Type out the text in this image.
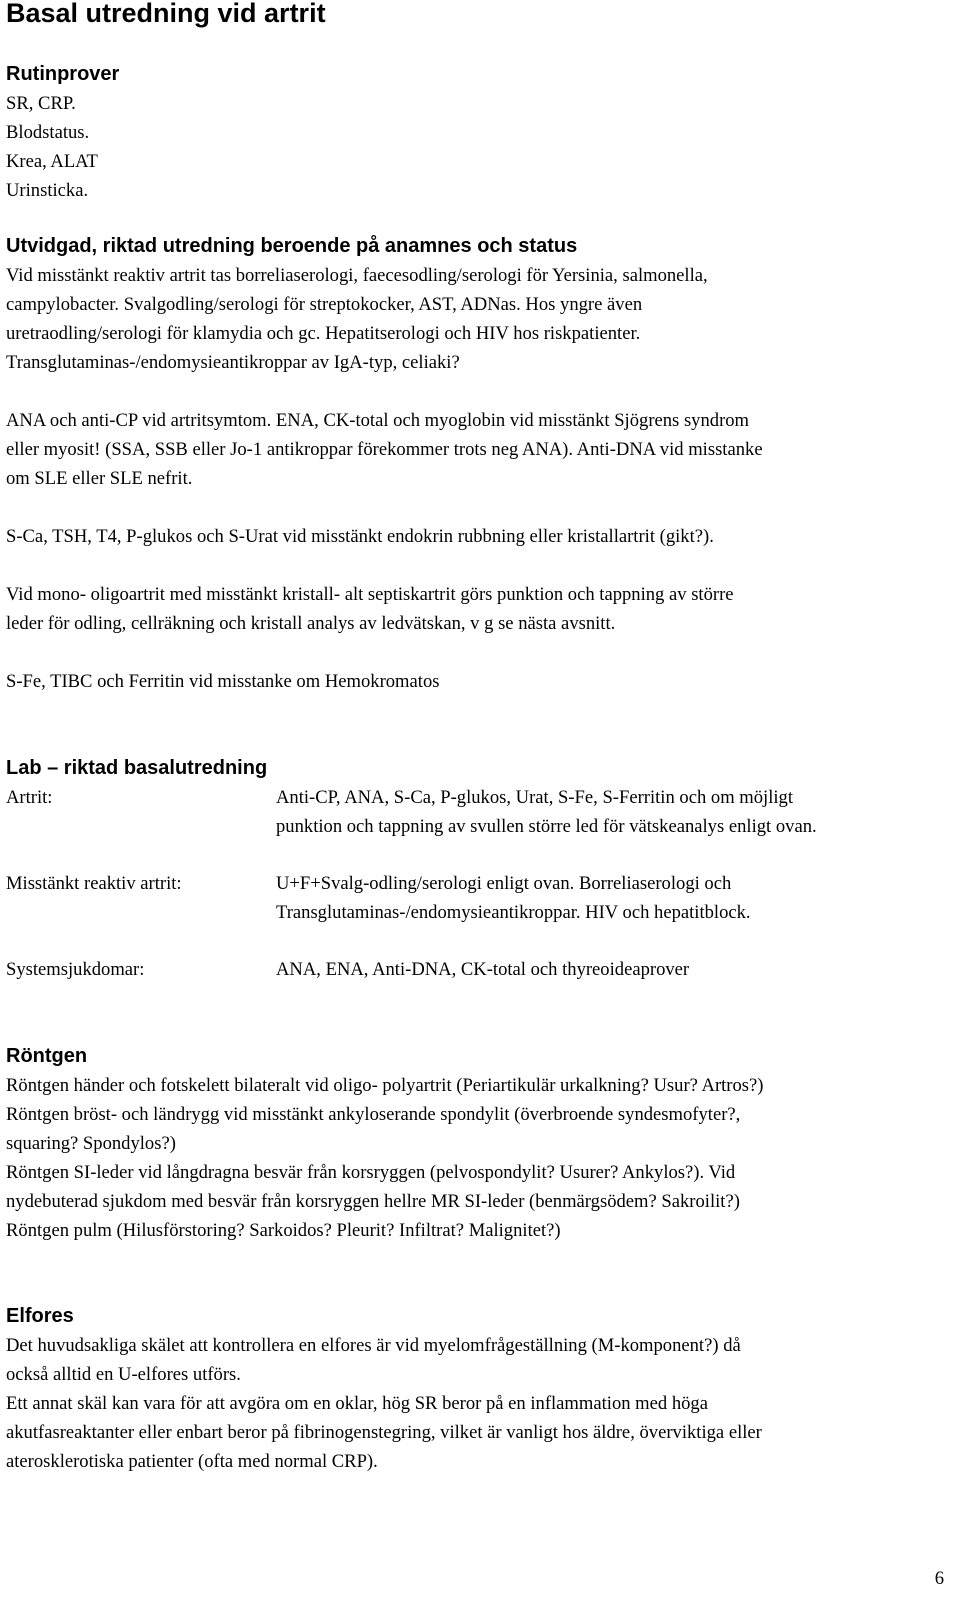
Basal utredning vid artrit
Rutinprover
SR, CRP.
Blodstatus.
Krea, ALAT
Urinsticka.
Utvidgad, riktad utredning beroende på anamnes och status
Vid misstänkt reaktiv artrit tas borreliaserologi, faecesodling/serologi för Yersinia, salmonella,
campylobacter. Svalgodling/serologi för streptokocker, AST, ADNas. Hos yngre även
uretraodling/serologi för klamydia och gc. Hepatitserologi och HIV hos riskpatienter.
Transglutaminas-/endomysieantikroppar av IgA-typ, celiaki?
ANA och anti-CP vid artritsymtom. ENA, CK-total och myoglobin vid misstänkt Sjögrens syndrom
eller myosit! (SSA, SSB eller Jo-1 antikroppar förekommer trots neg ANA). Anti-DNA vid misstanke
om SLE eller SLE nefrit.
S-Ca, TSH, T4, P-glukos och S-Urat vid misstänkt endokrin rubbning eller kristallartrit (gikt?).
Vid mono- oligoartrit med misstänkt kristall- alt septiskartrit görs punktion och tappning av större
leder för odling, cellräkning och kristall analys av ledvätskan, v g se nästa avsnitt.
S-Fe, TIBC och Ferritin vid misstanke om Hemokromatos
Lab – riktad basalutredning
Artrit:	Anti-CP, ANA, S-Ca, P-glukos, Urat, S-Fe, S-Ferritin och om möjligt
punktion och tappning av svullen större led för vätskeanalys enligt ovan.
Misstänkt reaktiv artrit:	U+F+Svalg-odling/serologi enligt ovan. Borreliaserologi och
Transglutaminas-/endomysieantikroppar. HIV och hepatitblock.
Systemsjukdomar:	ANA, ENA, Anti-DNA, CK-total och thyreoideaprover
Röntgen
Röntgen händer och fotskelett bilateralt vid oligo- polyartrit (Periartikulär urkalkning? Usur? Artros?)
Röntgen bröst- och ländrygg vid misstänkt ankyloserande spondylit (överbroende syndesmofyter?,
squaring? Spondylos?)
Röntgen SI-leder vid långdragna besvär från korsryggen (pelvospondylit? Usurer? Ankylos?). Vid
nydebuterad sjukdom med besvär från korsryggen hellre MR SI-leder (benmärgsödem? Sakroilit?)
Röntgen pulm (Hilusförstoring? Sarkoidos? Pleurit? Infiltrat? Malignitet?)
Elfores
Det huvudsakliga skälet att kontrollera en elfores är vid myelomfrågeställning (M-komponent?) då
också alltid en U-elfores utförs.
Ett annat skäl kan vara för att avgöra om en oklar, hög SR beror på en inflammation med höga
akutfasreaktanter eller enbart beror på fibrinogenstegring, vilket är vanligt hos äldre, överviktiga eller
aterosklerotiska patienter (ofta med normal CRP).
6
